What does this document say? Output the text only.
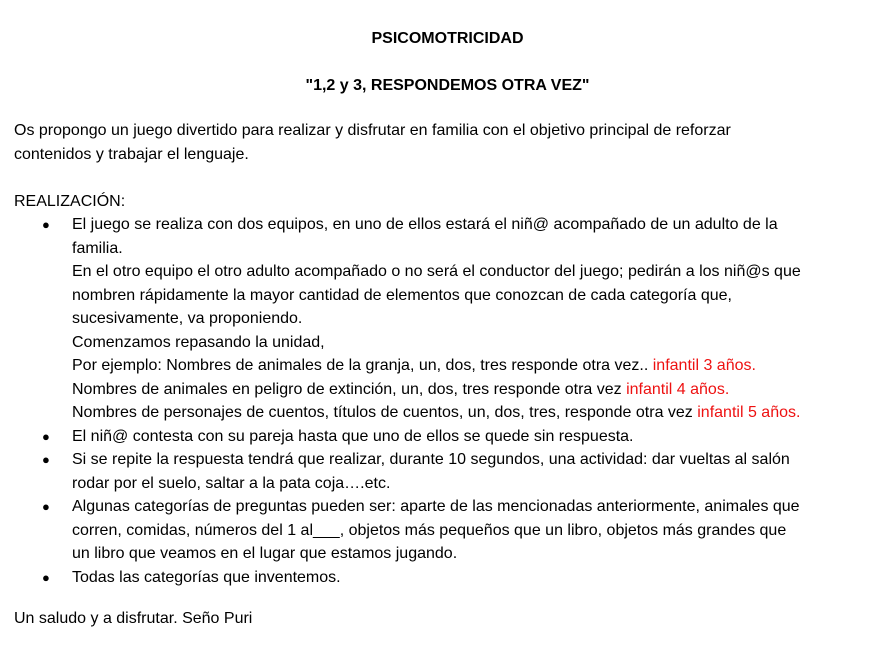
PSICOMOTRICIDAD
"1,2 y 3, RESPONDEMOS OTRA VEZ"
Os propongo un juego divertido para realizar y disfrutar en familia con el objetivo principal de reforzar
contenidos y trabajar el lenguaje.
REALIZACIÓN:
● El juego se realiza con dos equipos, en uno de ellos estará el niñ@ acompañado de un adulto de la
familia.
En el otro equipo el otro adulto acompañado o no será el conductor del juego; pedirán a los niñ@s que
nombren rápidamente la mayor cantidad de elementos que conozcan de cada categoría que,
sucesivamente, va proponiendo.
Comenzamos repasando la unidad,
Por ejemplo: Nombres de animales de la granja, un, dos, tres responde otra vez.. infantil 3 años.
Nombres de animales en peligro de extinción, un, dos, tres responde otra vez infantil 4 años.
Nombres de personajes de cuentos, títulos de cuentos, un, dos, tres, responde otra vez infantil 5 años.
● El niñ@ contesta con su pareja hasta que uno de ellos se quede sin respuesta.
● Si se repite la respuesta tendrá que realizar, durante 10 segundos, una actividad: dar vueltas al salón
rodar por el suelo, saltar a la pata coja….etc.
● Algunas categorías de preguntas pueden ser: aparte de las mencionadas anteriormente, animales que
corren, comidas, números del 1 al___, objetos más pequeños que un libro, objetos más grandes que
un libro que veamos en el lugar que estamos jugando.
● Todas las categorías que inventemos.
Un saludo y a disfrutar. Seño Puri
